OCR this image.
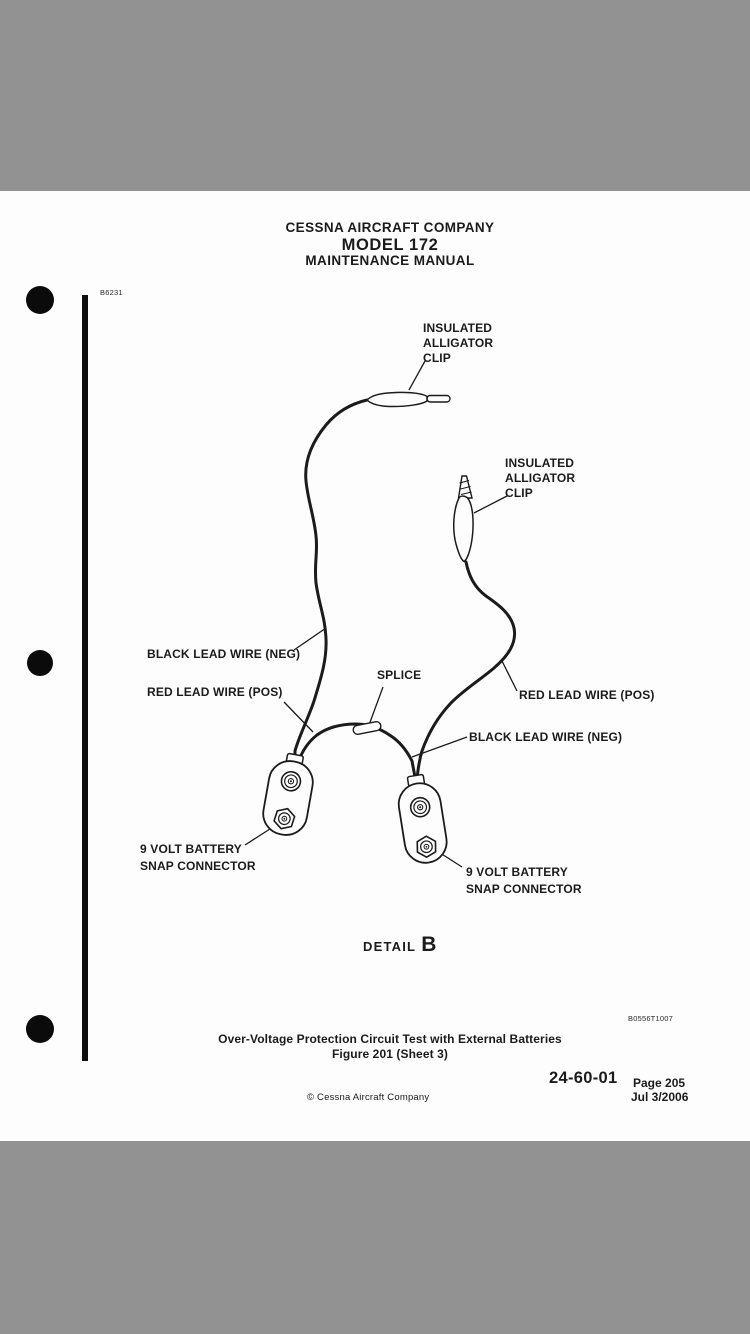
CESSNA AIRCRAFT COMPANY
MODEL 172
MAINTENANCE MANUAL
B6231
INSULATED
ALLIGATOR
CLIP
INSULATED
ALLIGATOR
CLIP
BLACK LEAD WIRE (NEG)
RED LEAD WIRE (POS)
SPLICE
RED LEAD WIRE (POS)
BLACK LEAD WIRE (NEG)
9 VOLT BATTERY
SNAP CONNECTOR	9 VOLT BATTERY
SNAP CONNECTOR
DETAIL B
B0556T1007
Over-Voltage Protection Circuit Test with External Batteries
Figure 201 (Sheet 3)
24-60-01 Page 205
Jul 3/2006
© Cessna Aircraft Company
